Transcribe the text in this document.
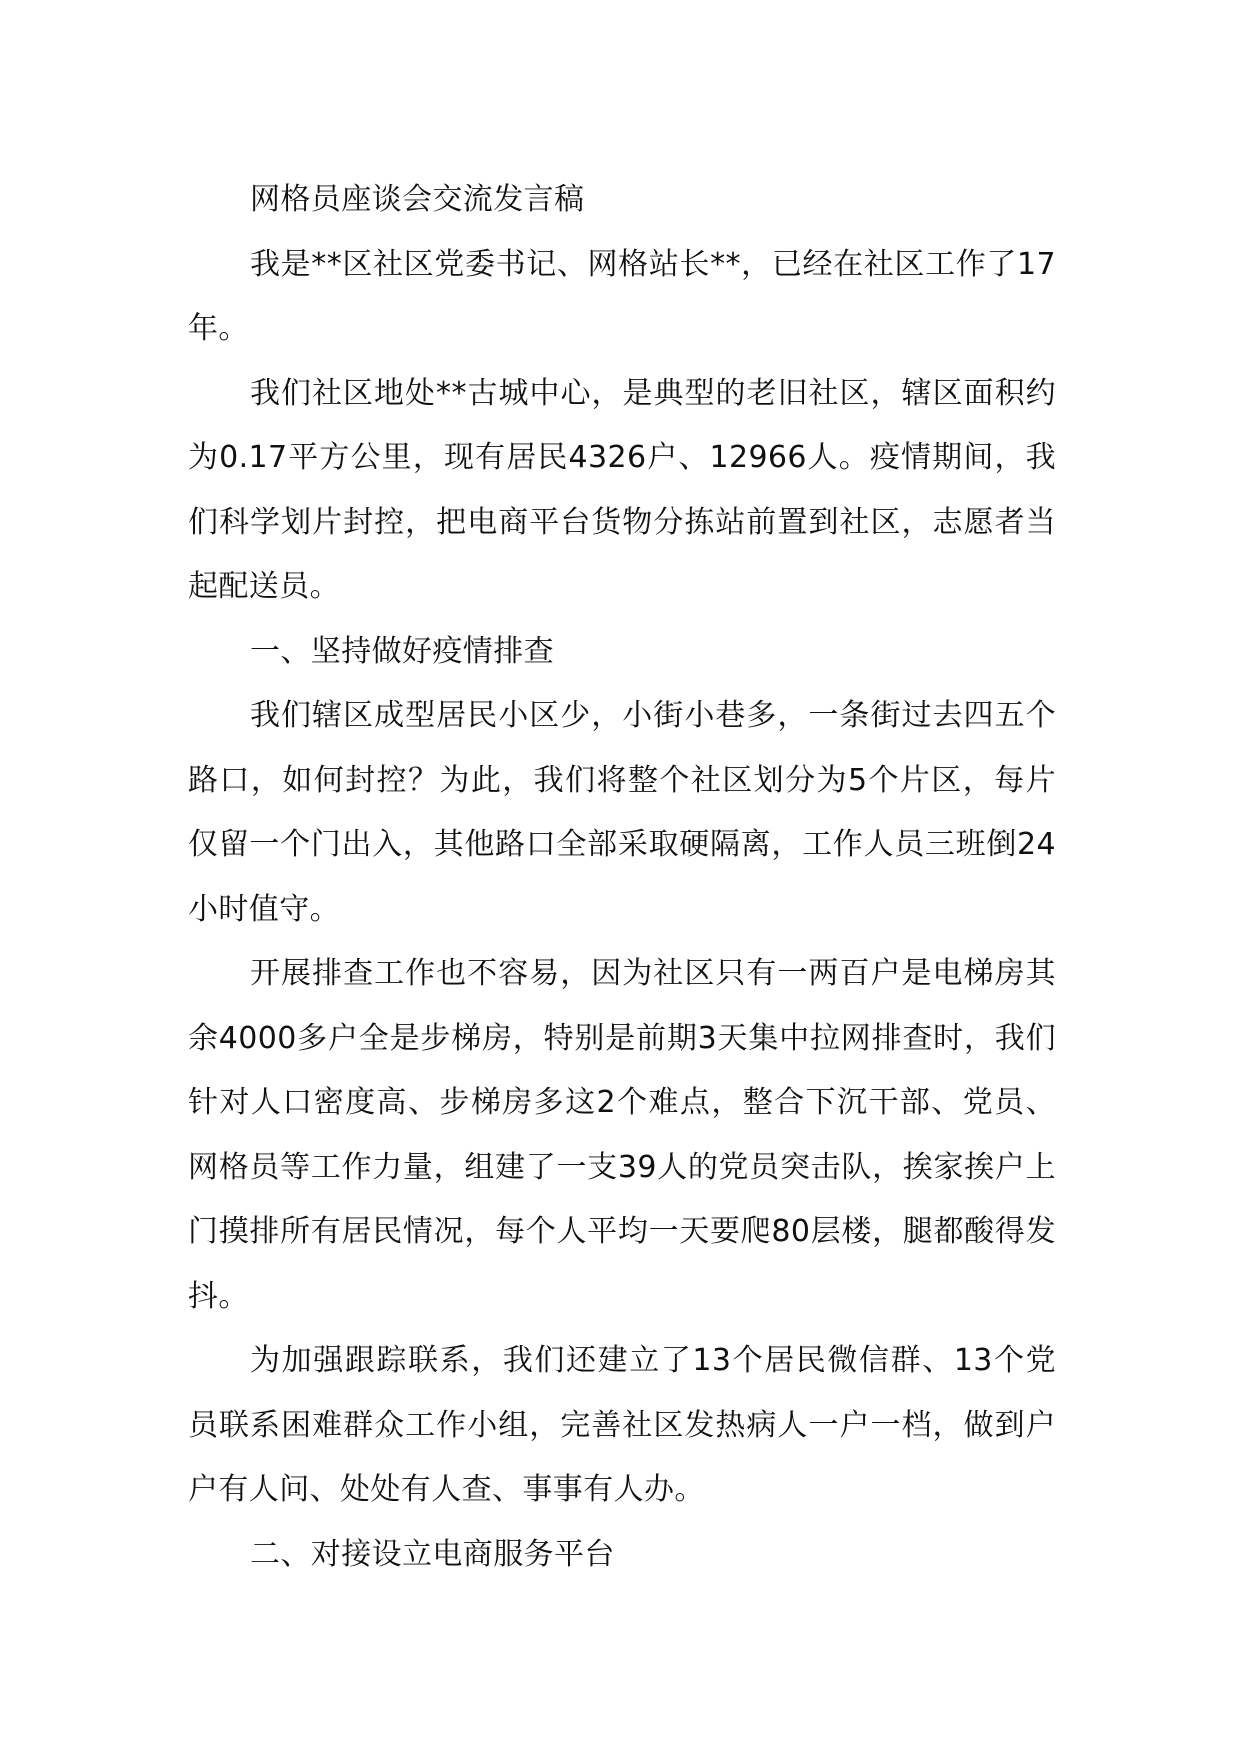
网格员座谈会交流发言稿

我是**区社区党委书记、网格站长**，已经在社区工作了17年。

我们社区地处**古城中心，是典型的老旧社区，辖区面积约为0.17平方公里，现有居民4326户、12966人。疫情期间，我们科学划片封控，把电商平台货物分拣站前置到社区，志愿者当起配送员。

一、坚持做好疫情排查

我们辖区成型居民小区少，小街小巷多，一条街过去四五个路口，如何封控？为此，我们将整个社区划分为5个片区，每片仅留一个门出入，其他路口全部采取硬隔离，工作人员三班倒24小时值守。

开展排查工作也不容易，因为社区只有一两百户是电梯房其余4000多户全是步梯房，特别是前期3天集中拉网排查时，我们针对人口密度高、步梯房多这2个难点，整合下沉干部、党员、网格员等工作力量，组建了一支39人的党员突击队，挨家挨户上门摸排所有居民情况，每个人平均一天要爬80层楼，腿都酸得发抖。

为加强跟踪联系，我们还建立了13个居民微信群、13个党员联系困难群众工作小组，完善社区发热病人一户一档，做到户户有人问、处处有人查、事事有人办。

二、对接设立电商服务平台
